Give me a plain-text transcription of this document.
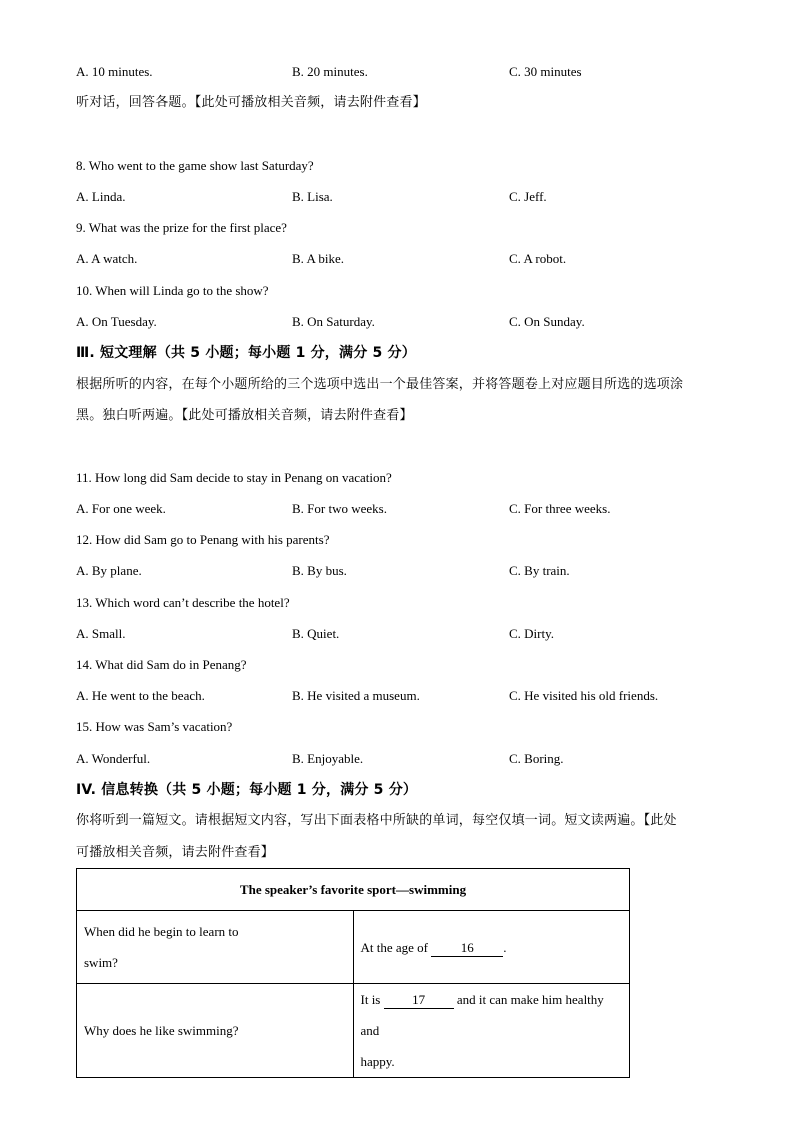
A. 10 minutes.	B. 20 minutes.	C. 30 minutes
听对话，回答各题。【此处可播放相关音频，请去附件查看】
8. Who went to the game show last Saturday?
A. Linda.	B. Lisa.	C. Jeff.
9. What was the prize for the first place?
A. A watch.	B. A bike.	C. A robot.
10. When will Linda go to the show?
A. On Tuesday.	B. On Saturday.	C. On Sunday.
Ⅲ. 短文理解（共 5 小题；每小题 1 分，满分 5 分）
根据所听的内容，在每个小题所给的三个选项中选出一个最佳答案，并将答题卷上对应题目所选的选项涂
黑。独白听两遍。【此处可播放相关音频，请去附件查看】
11. How long did Sam decide to stay in Penang on vacation?
A. For one week.	B. For two weeks.	C. For three weeks.
12. How did Sam go to Penang with his parents?
A. By plane.	B. By bus.	C. By train.
13. Which word can’t describe the hotel?
A. Small.	B. Quiet.	C. Dirty.
14. What did Sam do in Penang?
A. He went to the beach.	B. He visited a museum.	C. He visited his old friends.
15. How was Sam’s vacation?
A. Wonderful.	B. Enjoyable.	C. Boring.
IV. 信息转换（共 5 小题；每小题 1 分，满分 5 分）
你将听到一篇短文。请根据短文内容，写出下面表格中所缺的单词，每空仅填一词。短文读两遍。【此处
可播放相关音频，请去附件查看】
The speaker’s favorite sport—swimming	

When did he begin to learn to
swim?	At the age of 16 .

Why does he like swimming?	It is 17 and it can make him healthy and
happy.
